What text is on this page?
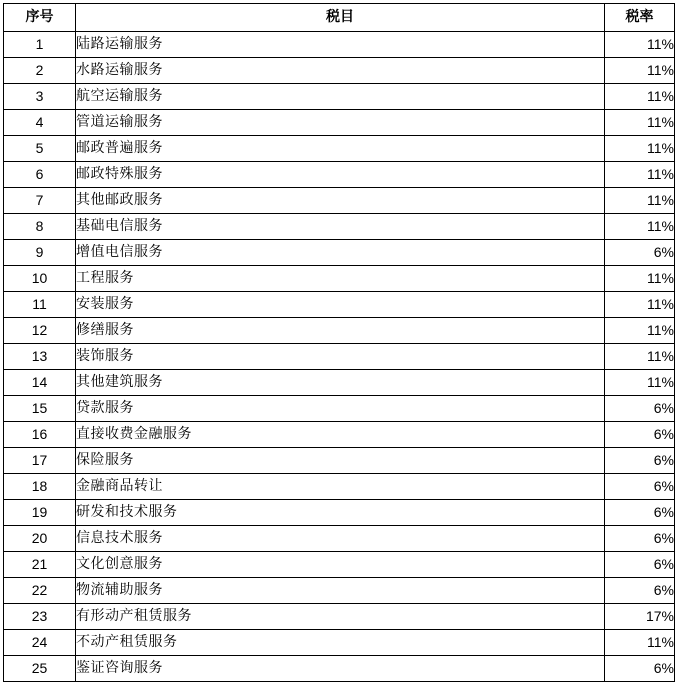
序号	税目	税率
1	陆路运输服务	11%
2	水路运输服务	11%
3	航空运输服务	11%
4	管道运输服务	11%
5	邮政普遍服务	11%
6	邮政特殊服务	11%
7	其他邮政服务	11%
8	基础电信服务	11%
9	增值电信服务	6%
10	工程服务	11%
11	安装服务	11%
12	修缮服务	11%
13	装饰服务	11%
14	其他建筑服务	11%
15	贷款服务	6%
16	直接收费金融服务	6%
17	保险服务	6%
18	金融商品转让	6%
19	研发和技术服务	6%
20	信息技术服务	6%
21	文化创意服务	6%
22	物流辅助服务	6%
23	有形动产租赁服务	17%
24	不动产租赁服务	11%
25	鉴证咨询服务	6%
